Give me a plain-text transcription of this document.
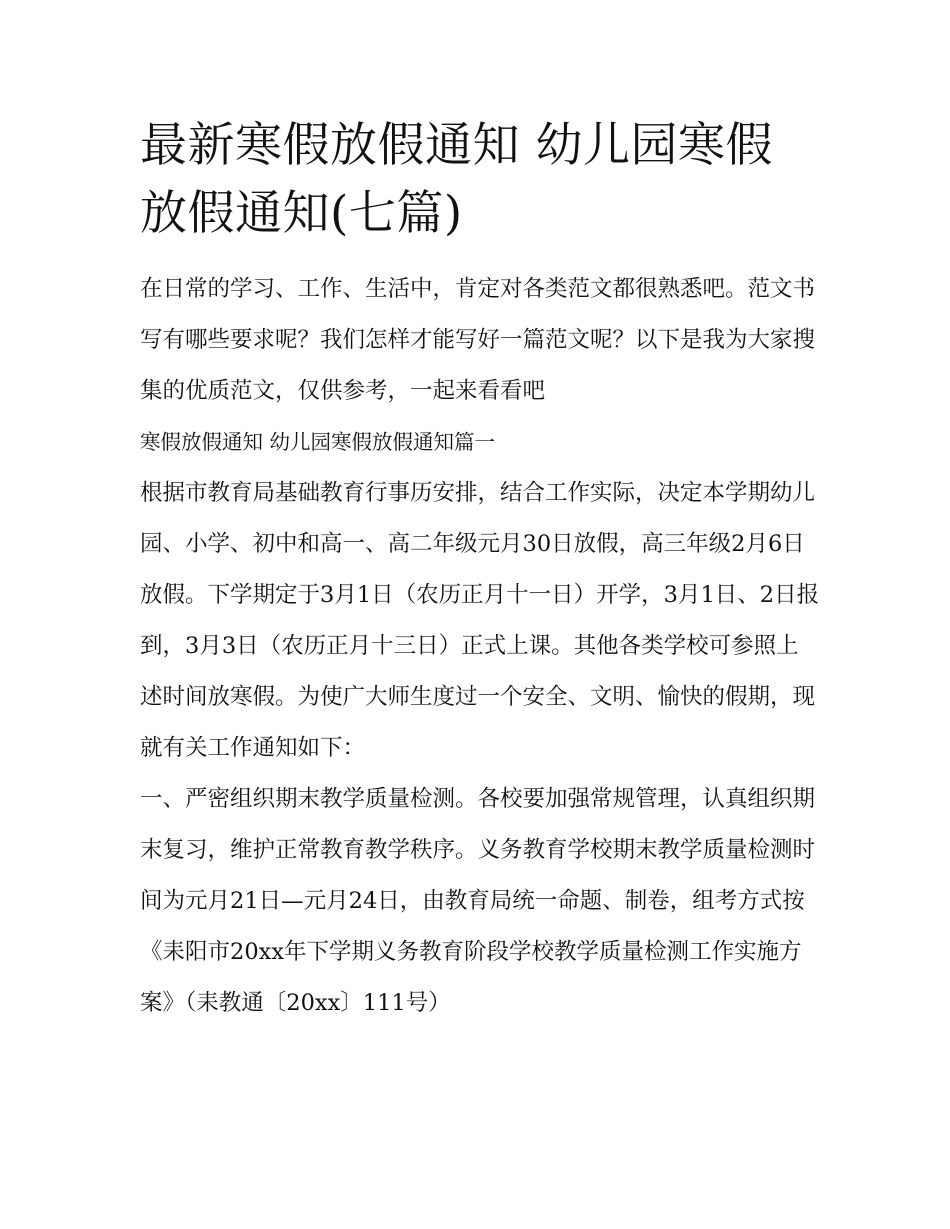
最新寒假放假通知 幼儿园寒假放假通知(七篇)

在日常的学习、工作、生活中，肯定对各类范文都很熟悉吧。范文书写有哪些要求呢？我们怎样才能写好一篇范文呢？以下是我为大家搜集的优质范文，仅供参考，一起来看看吧

寒假放假通知 幼儿园寒假放假通知篇一

根据市教育局基础教育行事历安排，结合工作实际，决定本学期幼儿园、小学、初中和高一、高二年级元月30日放假，高三年级2月6日放假。下学期定于3月1日（农历正月十一日）开学，3月1日、2日报到，3月3日（农历正月十三日）正式上课。其他各类学校可参照上述时间放寒假。为使广大师生度过一个安全、文明、愉快的假期，现就有关工作通知如下：

一、严密组织期末教学质量检测。各校要加强常规管理，认真组织期末复习，维护正常教育教学秩序。义务教育学校期末教学质量检测时间为元月21日—元月24日，由教育局统一命题、制卷，组考方式按《耒阳市20xx年下学期义务教育阶段学校教学质量检测工作实施方案》（耒教通〔20xx〕111号）
